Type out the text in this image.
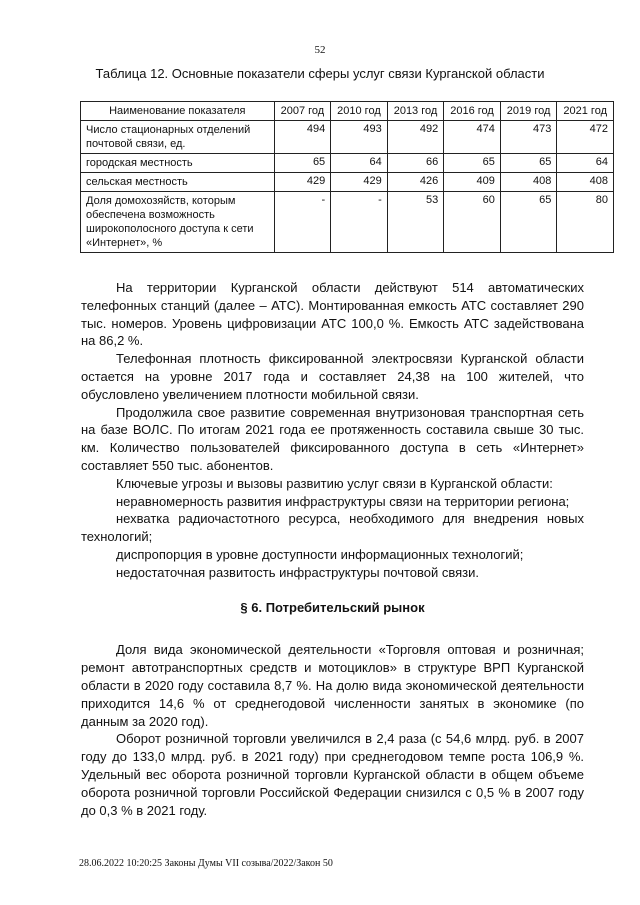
52
Таблица 12. Основные показатели сферы услуг связи Курганской области
Наименование показателя	2007 год	2010 год	2013 год	2016 год	2019 год	2021 год
Число стационарных отделений почтовой связи, ед.	494	493	492	474	473	472
городская местность	65	64	66	65	65	64
сельская местность	429	429	426	409	408	408
Доля домохозяйств, которым обеспечена возможность широкополосного доступа к сети «Интернет», %	-	-	53	60	65	80

На территории Курганской области действуют 514 автоматических телефонных станций (далее – АТС). Монтированная емкость АТС составляет 290 тыс. номеров. Уровень цифровизации АТС 100,0 %. Емкость АТС задействована на 86,2 %.

Телефонная плотность фиксированной электросвязи Курганской области остается на уровне 2017 года и составляет 24,38 на 100 жителей, что обусловлено увеличением плотности мобильной связи.

Продолжила свое развитие современная внутризоновая транспортная сеть на базе ВОЛС. По итогам 2021 года ее протяженность составила свыше 30 тыс. км. Количество пользователей фиксированного доступа в сеть «Интернет» составляет 550 тыс. абонентов.

Ключевые угрозы и вызовы развитию услуг связи в Курганской области:

неравномерность развития инфраструктуры связи на территории региона;

нехватка радиочастотного ресурса, необходимого для внедрения новых технологий;

диспропорция в уровне доступности информационных технологий;

недостаточная развитость инфраструктуры почтовой связи.

§ 6. Потребительский рынок

Доля вида экономической деятельности «Торговля оптовая и розничная; ремонт автотранспортных средств и мотоциклов» в структуре ВРП Курганской области в 2020 году составила 8,7 %. На долю вида экономической деятельности приходится 14,6 % от среднегодовой численности занятых в экономике (по данным за 2020 год).

Оборот розничной торговли увеличился в 2,4 раза (с 54,6 млрд. руб. в 2007 году до 133,0 млрд. руб. в 2021 году) при среднегодовом темпе роста 106,9 %. Удельный вес оборота розничной торговли Курганской области в общем объеме оборота розничной торговли Российской Федерации снизился с 0,5 % в 2007 году до 0,3 % в 2021 году.

28.06.2022 10:20:25 Законы Думы VII созыва/2022/Закон 50
